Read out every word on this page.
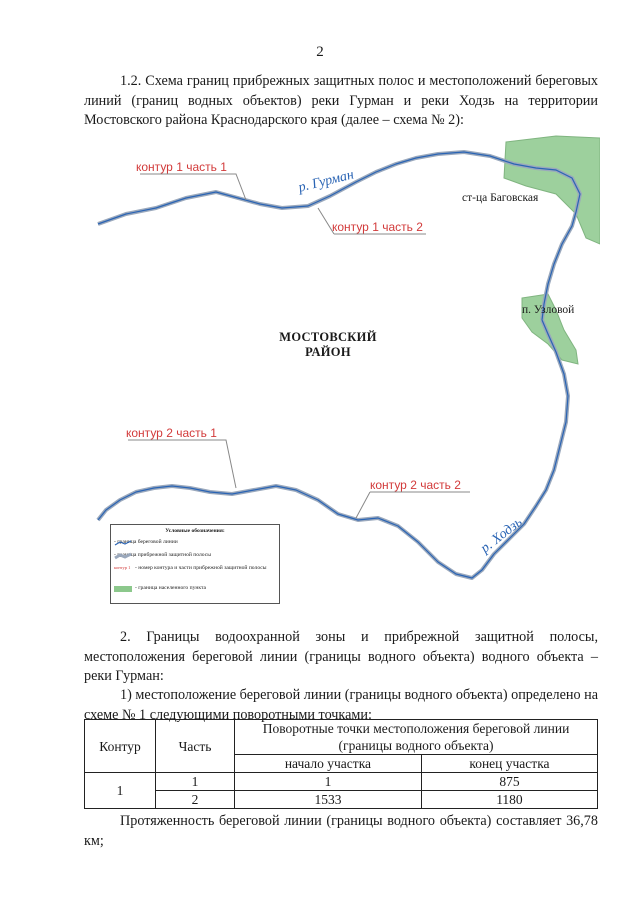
2

1.2. Схема границ прибрежных защитных полос и местоположений береговых линий (границ водных объектов) реки Гурман и реки Ходзь на территории Мостовского района Краснодарского края (далее – схема № 2):

контур 1 часть 1
контур 1 часть 2
контур 2 часть 1
контур 2 часть 2
р. Гурман
р. Ходзь
ст-ца Баговская
п. Узловой
МОСТОВСКИЙ
РАЙОН
Условные обозначения:
- граница береговой линии
- граница прибрежной защитной полосы
контур 1 - номер контура и части прибрежной защитной полосы
- граница населенного пункта

2. Границы водоохранной зоны и прибрежной защитной полосы, местоположения береговой линии (границы водного объекта) водного объекта – реки Гурман:

1) местоположение береговой линии (границы водного объекта) определено на схеме № 1 следующими поворотными точками:

Контур	Часть	Поворотные точки местоположения береговой линии (границы водного объекта)	
		начало участка	конец участка
1	1	1	875
	2	1533	1180

Протяженность береговой линии (границы водного объекта) составляет 36,78 км;
